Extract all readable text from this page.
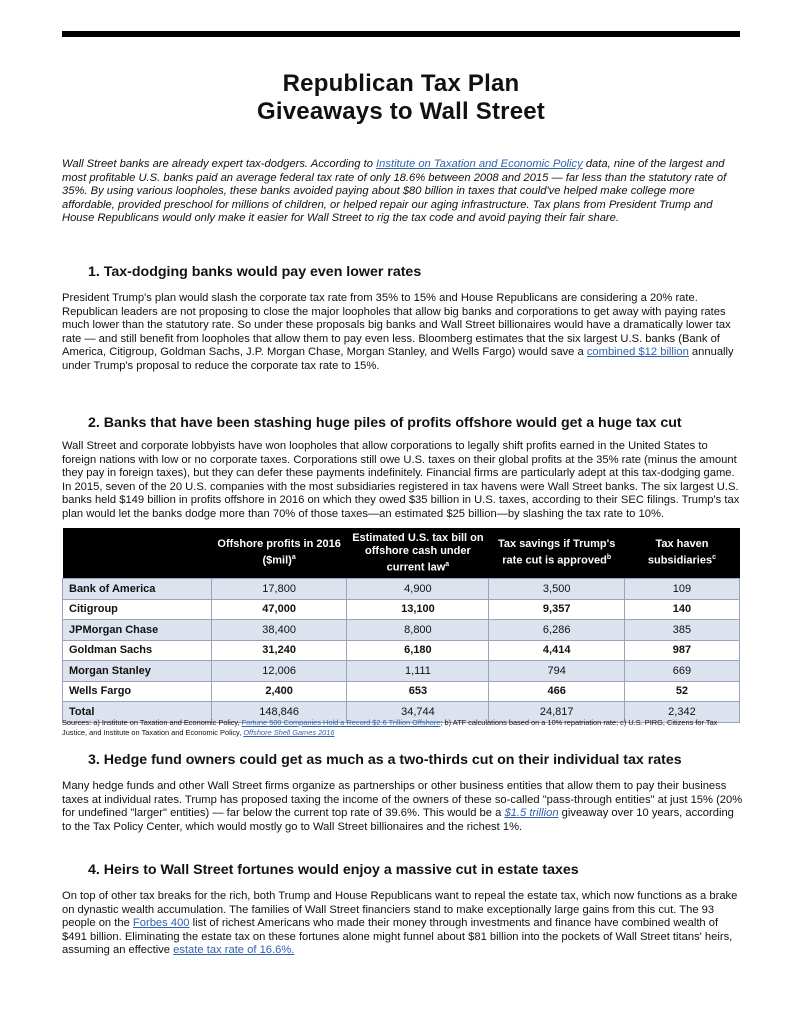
Republican Tax Plan
Giveaways to Wall Street
Wall Street banks are already expert tax-dodgers. According to Institute on Taxation and Economic Policy data, nine of the largest and most profitable U.S. banks paid an average federal tax rate of only 18.6% between 2008 and 2015 — far less than the statutory rate of 35%. By using various loopholes, these banks avoided paying about $80 billion in taxes that could've helped make college more affordable, provided preschool for millions of children, or helped repair our aging infrastructure. Tax plans from President Trump and House Republicans would only make it easier for Wall Street to rig the tax code and avoid paying their fair share.
1. Tax-dodging banks would pay even lower rates
President Trump's plan would slash the corporate tax rate from 35% to 15% and House Republicans are considering a 20% rate. Republican leaders are not proposing to close the major loopholes that allow big banks and corporations to get away with paying rates much lower than the statutory rate. So under these proposals big banks and Wall Street billionaires would have a dramatically lower tax rate — and still benefit from loopholes that allow them to pay even less. Bloomberg estimates that the six largest U.S. banks (Bank of America, Citigroup, Goldman Sachs, J.P. Morgan Chase, Morgan Stanley, and Wells Fargo) would save a combined $12 billion annually under Trump's proposal to reduce the corporate tax rate to 15%.
2. Banks that have been stashing huge piles of profits offshore would get a huge tax cut
Wall Street and corporate lobbyists have won loopholes that allow corporations to legally shift profits earned in the United States to foreign nations with low or no corporate taxes. Corporations still owe U.S. taxes on their global profits at the 35% rate (minus the amount they pay in foreign taxes), but they can defer these payments indefinitely. Financial firms are particularly adept at this tax-dodging game. In 2015, seven of the 20 U.S. companies with the most subsidiaries registered in tax havens were Wall Street banks. The six largest U.S. banks held $149 billion in profits offshore in 2016 on which they owed $35 billion in U.S. taxes, according to their SEC filings. Trump's tax plan would let the banks dodge more than 70% of those taxes—an estimated $25 billion—by slashing the tax rate to 10%.
	Offshore profits in 2016 ($mil)$^a$	Estimated U.S. tax bill on offshore cash under current law$^a$	Tax savings if Trump's rate cut is approved$^b$	Tax haven subsidiaries$^c$
Bank of America	17,800	4,900	3,500	109
Citigroup	47,000	13,100	9,357	140
JPMorgan Chase	38,400	8,800	6,286	385
Goldman Sachs	31,240	6,180	4,414	987
Morgan Stanley	12,006	1,111	794	669
Wells Fargo	2,400	653	466	52
Total	148,846	34,744	24,817	2,342
Sources: a) Institute on Taxation and Economic Policy, Fortune 500 Companies Hold a Record $2.6 Trillion Offshore; b) ATF calculations based on a 10% repatriation rate; c) U.S. PIRG, Citizens for Tax Justice, and Institute on Taxation and Economic Policy, Offshore Shell Games 2016
3. Hedge fund owners could get as much as a two-thirds cut on their individual tax rates
Many hedge funds and other Wall Street firms organize as partnerships or other business entities that allow them to pay their business taxes at individual rates. Trump has proposed taxing the income of the owners of these so-called "pass-through entities" at just 15% (20% for undefined "larger" entities) — far below the current top rate of 39.6%. This would be a $1.5 trillion giveaway over 10 years, according to the Tax Policy Center, which would mostly go to Wall Street billionaires and the richest 1%.
4. Heirs to Wall Street fortunes would enjoy a massive cut in estate taxes
On top of other tax breaks for the rich, both Trump and House Republicans want to repeal the estate tax, which now functions as a brake on dynastic wealth accumulation. The families of Wall Street financiers stand to make exceptionally large gains from this cut. The 93 people on the Forbes 400 list of richest Americans who made their money through investments and finance have combined wealth of $491 billion. Eliminating the estate tax on these fortunes alone might funnel about $81 billion into the pockets of Wall Street titans' heirs, assuming an effective estate tax rate of 16.6%.
